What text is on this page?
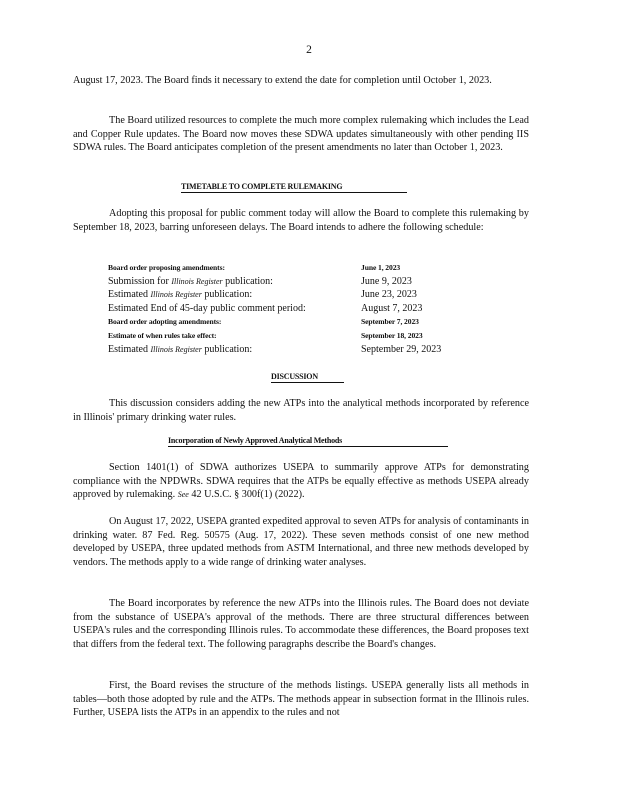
2

August 17, 2023. The Board finds it necessary to extend the date for completion until October 1, 2023.

The Board utilized resources to complete the much more complex rulemaking which includes the Lead and Copper Rule updates. The Board now moves these SDWA updates simultaneously with other pending IIS SDWA rules. The Board anticipates completion of the present amendments no later than October 1, 2023.

TIMETABLE TO COMPLETE RULEMAKING

Adopting this proposal for public comment today will allow the Board to complete this rulemaking by September 18, 2023, barring unforeseen delays. The Board intends to adhere the following schedule:

Board order proposing amendments:	June 1, 2023
Submission for Illinois Register publication:	June 9, 2023
Estimated Illinois Register publication:	June 23, 2023
Estimated End of 45-day public comment period:	August 7, 2023
Board order adopting amendments:	September 7, 2023
Estimate of when rules take effect:	September 18, 2023
Estimated Illinois Register publication:	September 29, 2023
DISCUSSION

This discussion considers adding the new ATPs into the analytical methods incorporated by reference in Illinois' primary drinking water rules.

Incorporation of Newly Approved Analytical Methods

Section 1401(1) of SDWA authorizes USEPA to summarily approve ATPs for demonstrating compliance with the NPDWRs. SDWA requires that the ATPs be equally effective as methods USEPA already approved by rulemaking. See 42 U.S.C. § 300f(1) (2022).

On August 17, 2022, USEPA granted expedited approval to seven ATPs for analysis of contaminants in drinking water. 87 Fed. Reg. 50575 (Aug. 17, 2022). These seven methods consist of one new method developed by USEPA, three updated methods from ASTM International, and three new methods developed by vendors. The methods apply to a wide range of drinking water analyses.

The Board incorporates by reference the new ATPs into the Illinois rules. The Board does not deviate from the substance of USEPA's approval of the methods. There are three structural differences between USEPA's rules and the corresponding Illinois rules. To accommodate these differences, the Board proposes text that differs from the federal text. The following paragraphs describe the Board's changes.

First, the Board revises the structure of the methods listings. USEPA generally lists all methods in tables—both those adopted by rule and the ATPs. The methods appear in subsection format in the Illinois rules. Further, USEPA lists the ATPs in an appendix to the rules and not
